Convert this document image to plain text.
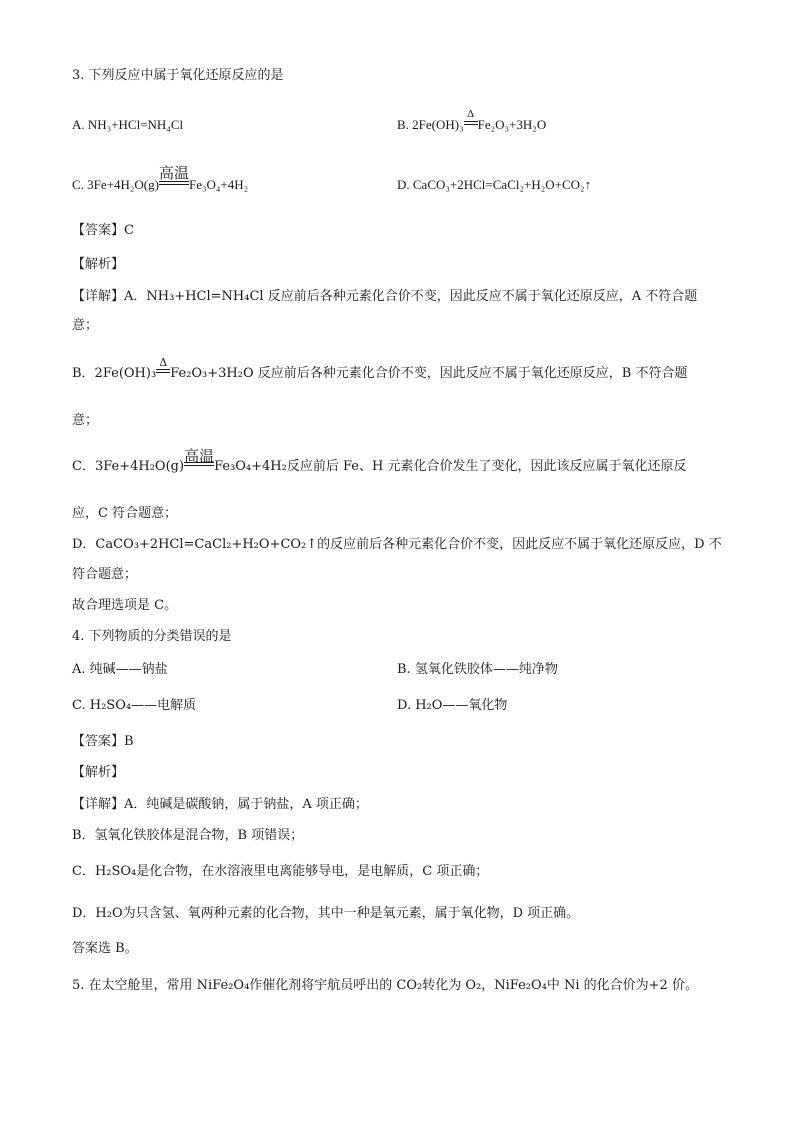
3. 下列反应中属于氧化还原反应的是
A. NH₃+HCl=NH₄Cl	B. 2Fe(OH)₃
Δ
Fe₂O₃+3H₂O
C. 3Fe+4H₂O(g)
高温
Fe₃O₄+4H₂	D. CaCO₃+2HCl=CaCl₂+H₂O+CO₂↑
【答案】C
【解析】
【详解】A．NH₃+HCl=NH₄Cl 反应前后各种元素化合价不变，因此反应不属于氧化还原反应，A 不符合题
意；
B．2Fe(OH)₃
Δ
Fe₂O₃+3H₂O 反应前后各种元素化合价不变，因此反应不属于氧化还原反应，B 不符合题
意；
C．3Fe+4H₂O(g)
高温
Fe₃O₄+4H₂反应前后 Fe、H 元素化合价发生了变化，因此该反应属于氧化还原反
应，C 符合题意；
D．CaCO₃+2HCl=CaCl₂+H₂O+CO₂↑的反应前后各种元素化合价不变，因此反应不属于氧化还原反应，D 不
符合题意；
故合理选项是 C。
4. 下列物质的分类错误的是
A. 纯碱——钠盐	B. 氢氧化铁胶体——纯净物
C. H₂SO₄——电解质	D. H₂O——氧化物
【答案】B
【解析】
【详解】A．纯碱是碳酸钠，属于钠盐，A 项正确；
B．氢氧化铁胶体是混合物，B 项错误；
C．H₂SO₄是化合物，在水溶液里电离能够导电，是电解质，C 项正确；
D．H₂O为只含氢、氧两种元素的化合物，其中一种是氧元素，属于氧化物，D 项正确。
答案选 B。
5. 在太空舱里，常用 NiFe₂O₄作催化剂将宇航员呼出的 CO₂转化为 O₂，NiFe₂O₄中 Ni 的化合价为+2 价。
